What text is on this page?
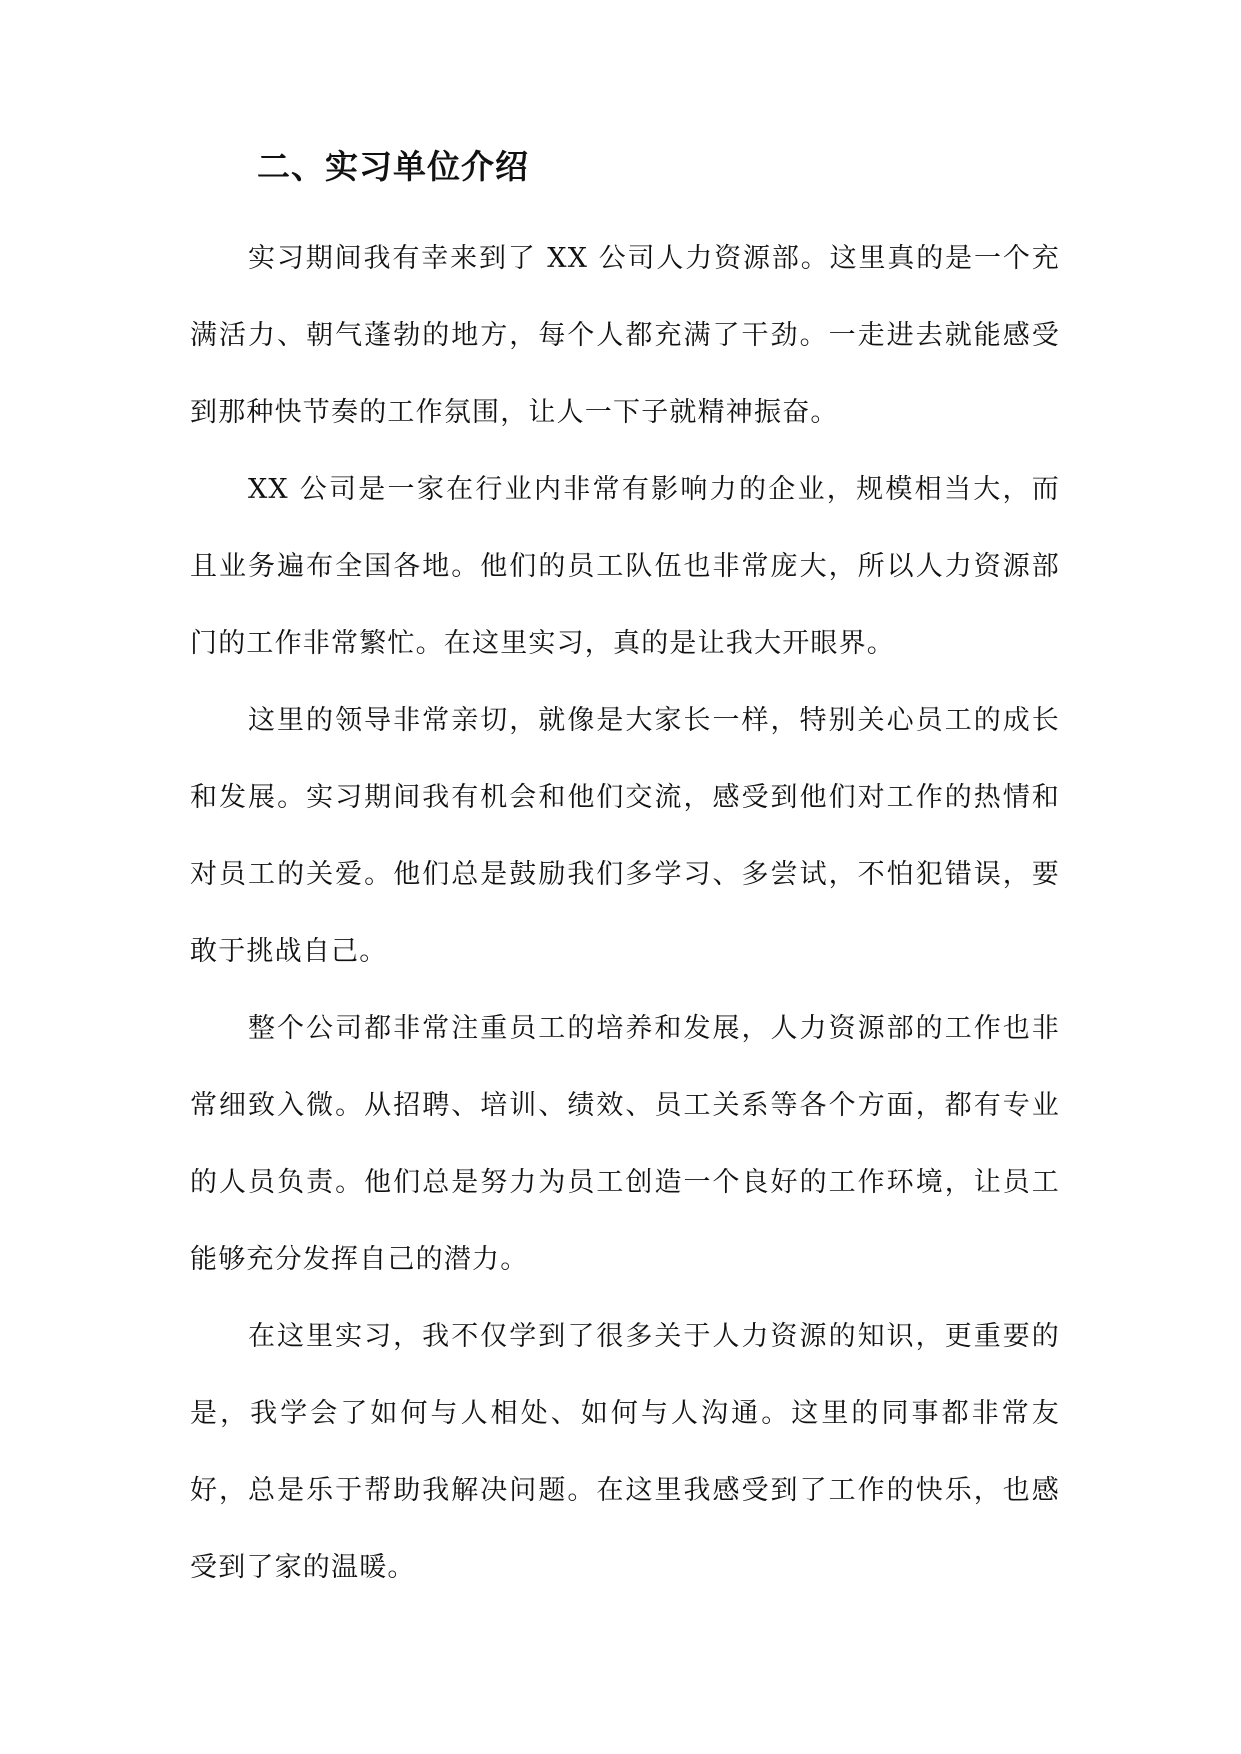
二、实习单位介绍

实习期间我有幸来到了 XX 公司人力资源部。这里真的是一个充满活力、朝气蓬勃的地方，每个人都充满了干劲。一走进去就能感受到那种快节奏的工作氛围，让人一下子就精神振奋。

XX 公司是一家在行业内非常有影响力的企业，规模相当大，而且业务遍布全国各地。他们的员工队伍也非常庞大，所以人力资源部门的工作非常繁忙。在这里实习，真的是让我大开眼界。

这里的领导非常亲切，就像是大家长一样，特别关心员工的成长和发展。实习期间我有机会和他们交流，感受到他们对工作的热情和对员工的关爱。他们总是鼓励我们多学习、多尝试，不怕犯错误，要敢于挑战自己。

整个公司都非常注重员工的培养和发展，人力资源部的工作也非常细致入微。从招聘、培训、绩效、员工关系等各个方面，都有专业的人员负责。他们总是努力为员工创造一个良好的工作环境，让员工能够充分发挥自己的潜力。

在这里实习，我不仅学到了很多关于人力资源的知识，更重要的是，我学会了如何与人相处、如何与人沟通。这里的同事都非常友好，总是乐于帮助我解决问题。在这里我感受到了工作的快乐，也感受到了家的温暖。
